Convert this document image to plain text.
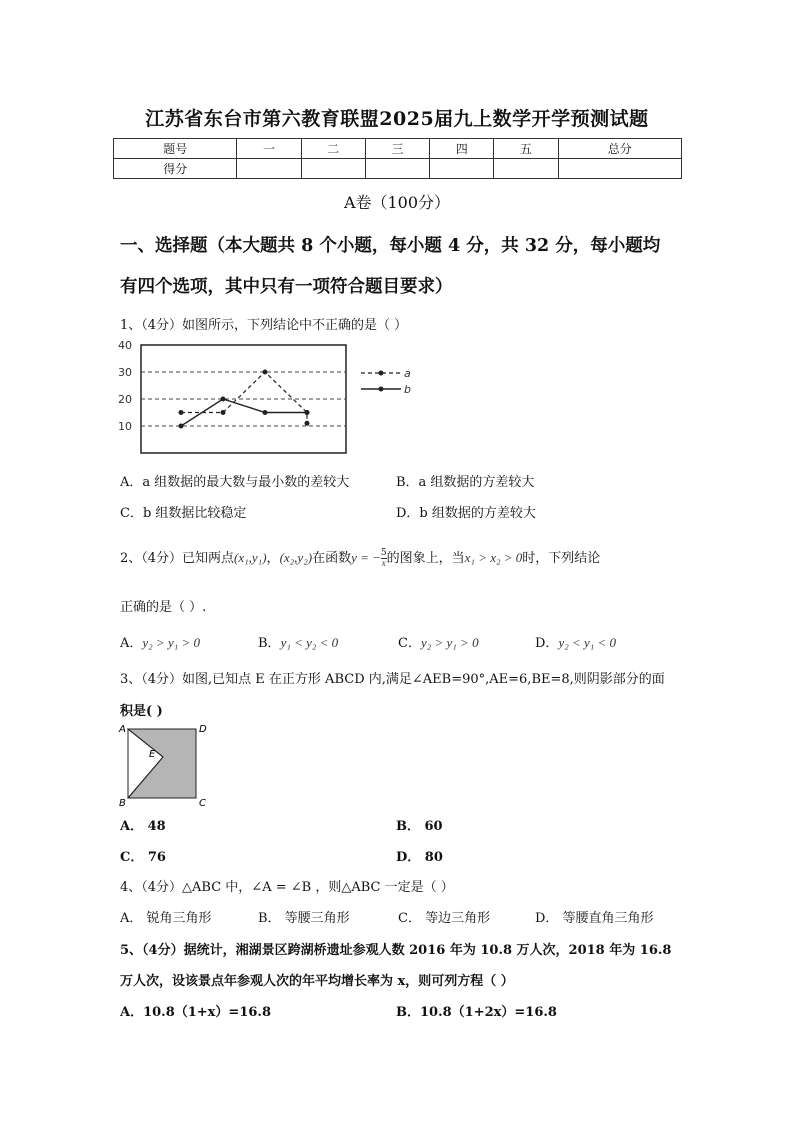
江苏省东台市第六教育联盟2025届九上数学开学预测试题
题号	一	二	三	四	五	总分
得分						
A卷（100分）
一、选择题（本大题共 8 个小题，每小题 4 分，共 32 分，每小题均
有四个选项，其中只有一项符合题目要求）
1、（4分）如图所示，下列结论中不正确的是（ ）
10
20
30
40
a
b
A．a 组数据的最大数与最小数的差较大	B．a 组数据的方差较大
C．b 组数据比较稳定	D．b 组数据的方差较大
2、（4分）已知两点(x₁,y₁)，(x₂,y₂)在函数y = − $\frac{5}{x}$ 的图象上，当x₁ > x₂ > 0时，下列结论
正确的是（ ）.
A．y₂ > y₁ > 0	B．y₁ < y₂ < 0	C．y₂ > y₁ > 0	D．y₂ < y₁ < 0
3、（4分）如图,已知点 E 在正方形 ABCD 内,满足∠AEB=90°,AE=6,BE=8,则阴影部分的面
积是( )
A	D
B	C
E
A． 48	B． 60
C． 76	D． 80
4、（4分）△ABC 中，∠A = ∠B ，则△ABC 一定是（ ）
A． 锐角三角形	B． 等腰三角形	C． 等边三角形	D． 等腰直角三角形
5、（4分）据统计，湘湖景区跨湖桥遗址参观人数 2016 年为 10.8 万人次，2018 年为 16.8
万人次，设该景点年参观人次的年平均增长率为 x，则可列方程（ ）
A．10.8（1+x）=16.8	B．10.8（1+2x）=16.8
